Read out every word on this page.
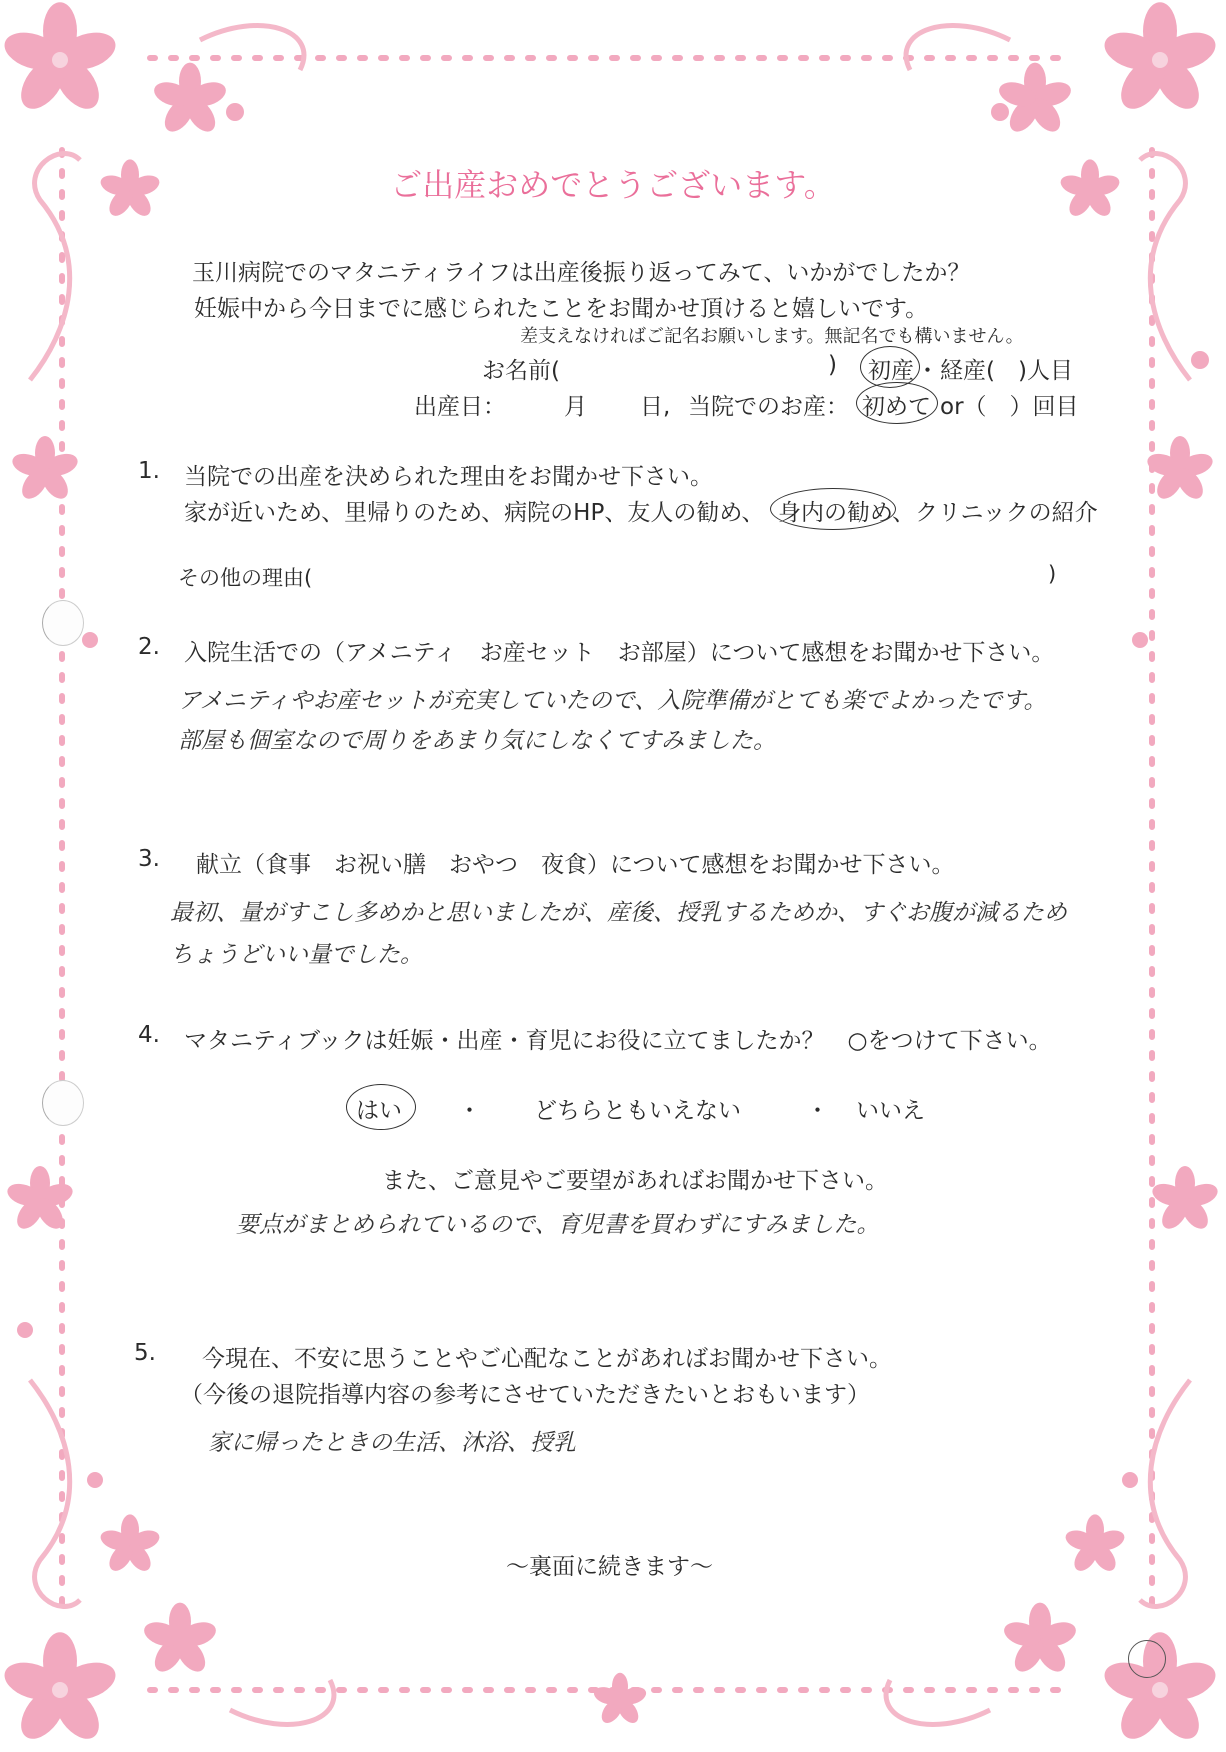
ご出産おめでとうございます。
玉川病院でのマタニティライフは出産後振り返ってみて、いかがでしたか？
妊娠中から今日までに感じられたことをお聞かせ頂けると嬉しいです。
差支えなければご記名お願いします。無記名でも構いません。
お名前(	) 初産 ・ 経産(　)人目
出産日：	月 日, 当院でのお産： 初めて or（　）回目
1. 当院での出産を決められた理由をお聞かせ下さい。
家が近いため、里帰りのため、病院のHP、友人の勧め、 身内の勧め 、クリニックの紹介
その他の理由(	)
2. 入院生活での（アメニティ　お産セット　お部屋）について感想をお聞かせ下さい。
アメニティやお産セットが充実していたので、入院準備がとても楽でよかったです。
部屋も個室なので周りをあまり気にしなくてすみました。
3. 献立（食事　お祝い膳　おやつ　夜食）について感想をお聞かせ下さい。
最初、量がすこし多めかと思いましたが、産後、授乳するためか、すぐお腹が減るため
ちょうどいい量でした。
4. マタニティブックは妊娠・出産・育児にお役に立てましたか？　○をつけて下さい。
はい ・ どちらともいえない	・ いいえ
また、ご意見やご要望があればお聞かせ下さい。
要点がまとめられているので、育児書を買わずにすみました。
5. 今現在、不安に思うことやご心配なことがあればお聞かせ下さい。
（今後の退院指導内容の参考にさせていただきたいとおもいます）
家に帰ったときの生活、沐浴、授乳
～裏面に続きます～
